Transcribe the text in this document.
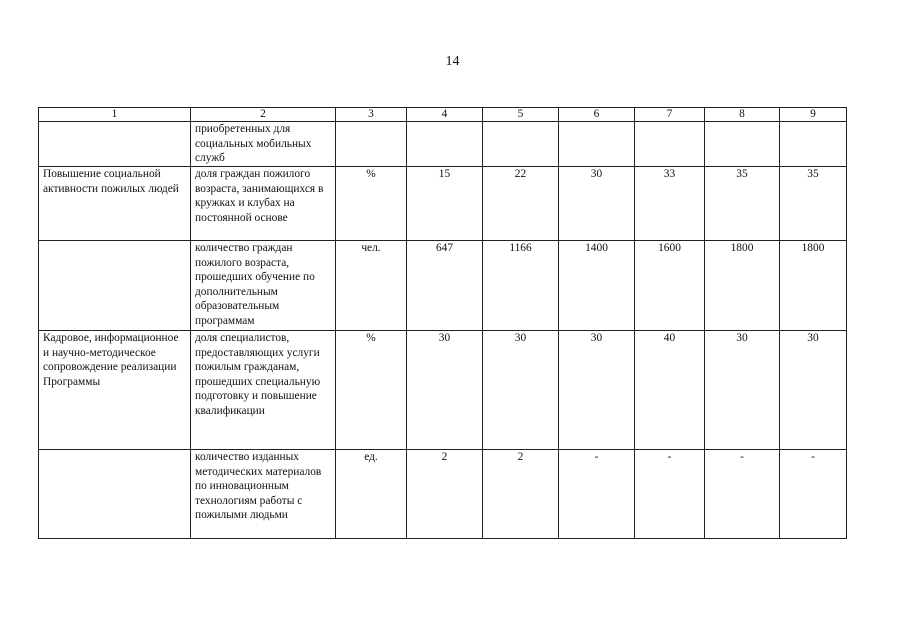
14
1	2	3	4	5	6	7	8	9
	приобретенных для социальных мобильных служб							
Повышение социальной активности пожилых людей	доля граждан пожилого возраста, занимающихся в кружках и клубах на постоянной основе	%	15	22	30	33	35	35
	количество граждан пожилого возраста, прошедших обучение по дополнительным образовательным программам	чел.	647	1166	1400	1600	1800	1800
Кадровое, информационное и научно-методическое сопровождение реализации Программы	доля специалистов, предоставляющих услуги пожилым гражданам, прошедших специальную подготовку и повышение квалификации	%	30	30	30	40	30	30
	количество изданных методических материалов по инновационным технологиям работы с пожилыми людьми	ед.	2	2	-	-	-	-
